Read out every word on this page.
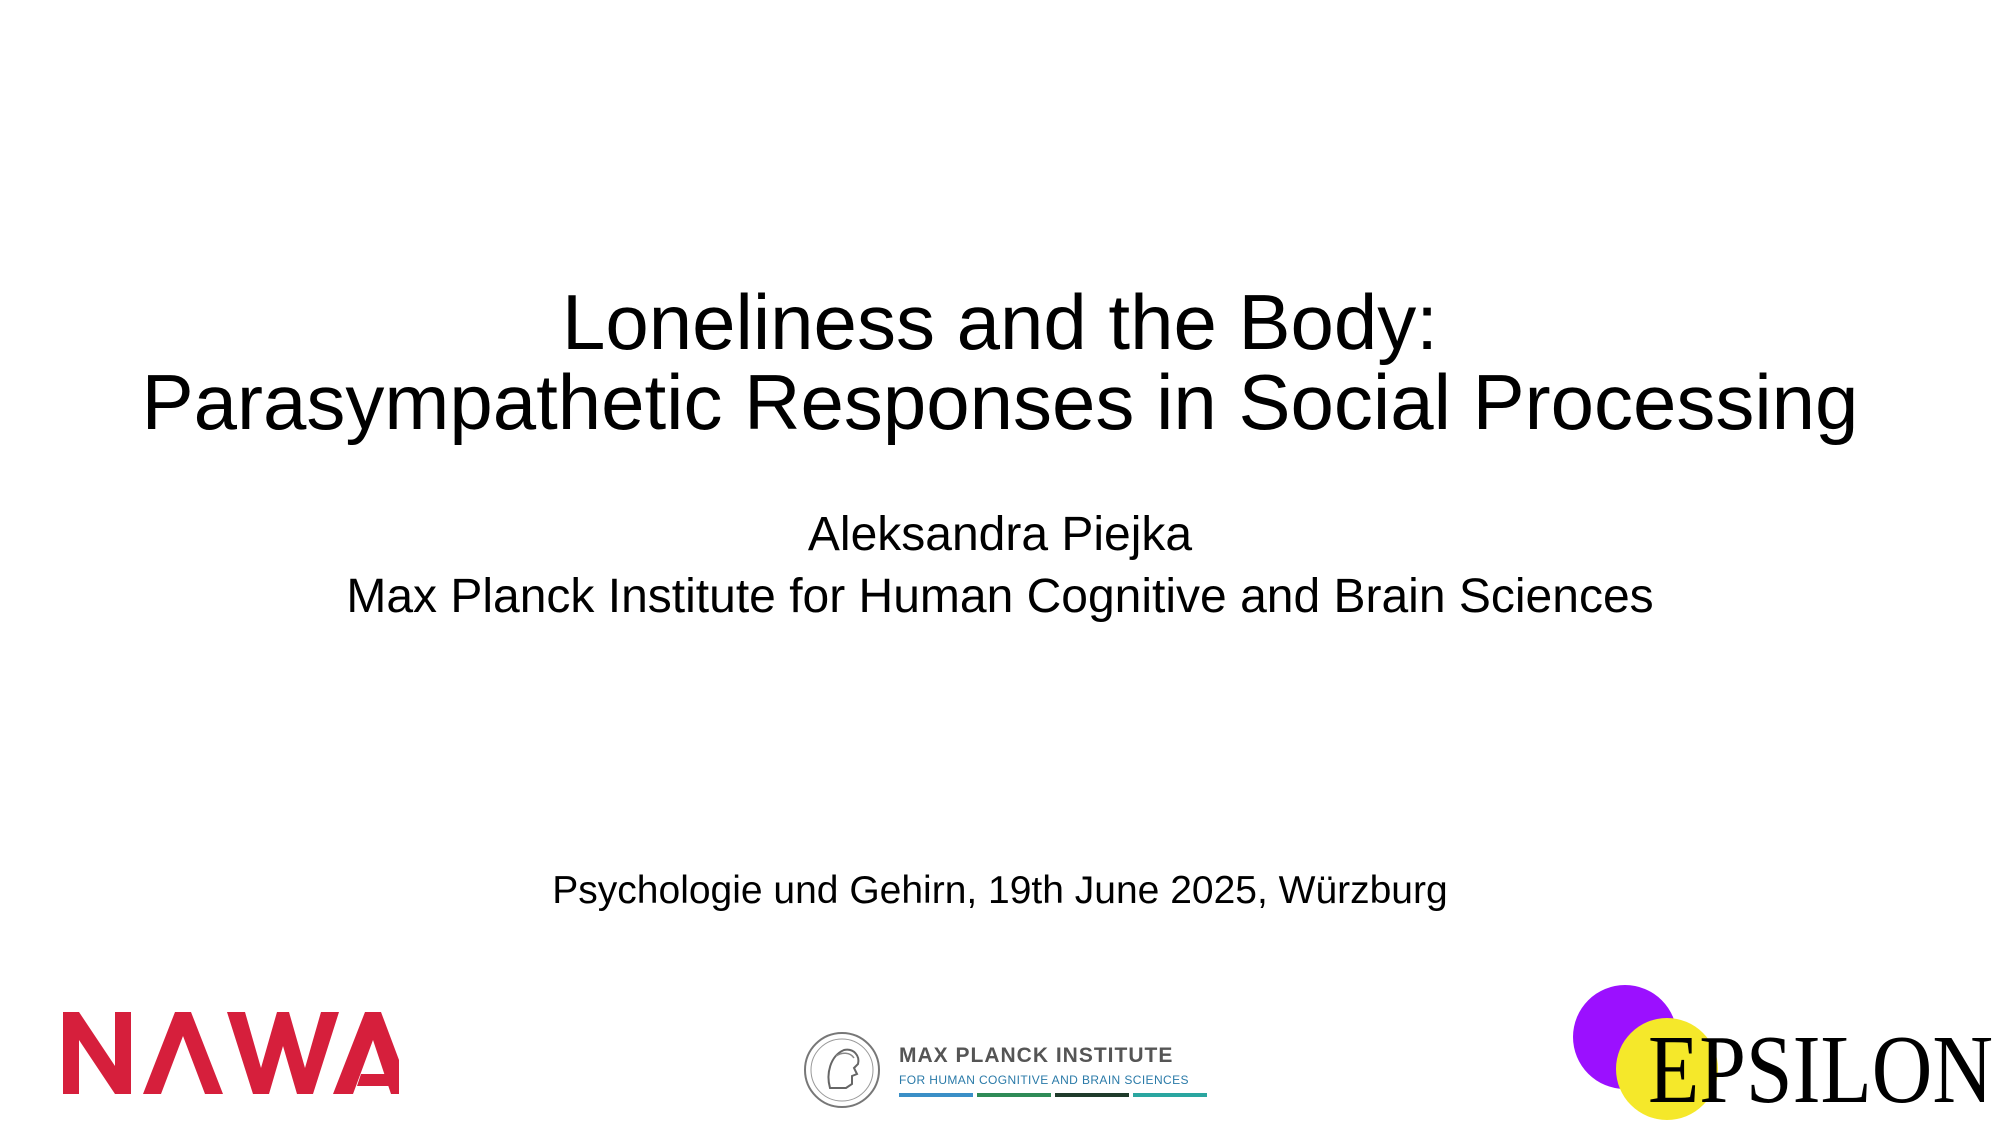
Loneliness and the Body:
Parasympathetic Responses in Social Processing
Aleksandra Piejka
Max Planck Institute for Human Cognitive and Brain Sciences
Psychologie und Gehirn, 19th June 2025, Würzburg
MAX PLANCK INSTITUTE
FOR HUMAN COGNITIVE AND BRAIN SCIENCES	EPSILON
